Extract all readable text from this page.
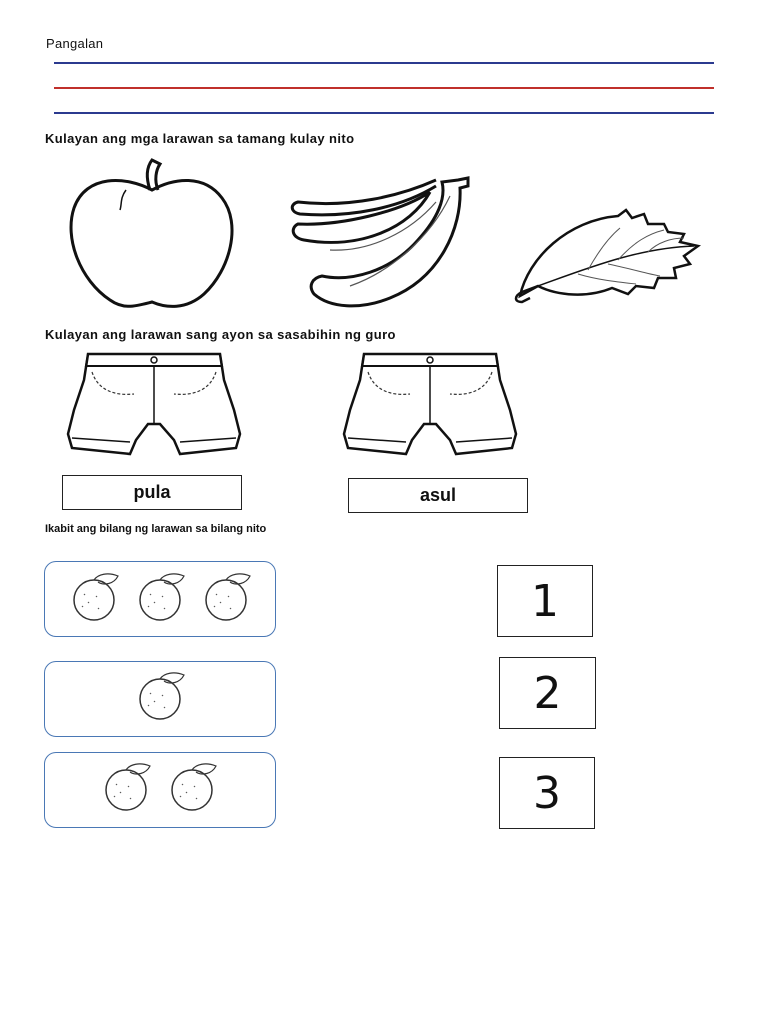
Pangalan
Kulayan ang mga larawan sa tamang kulay nito
Kulayan ang larawan sang ayon sa sasabihin ng guro
pula	asul
Ikabit ang bilang ng larawan sa bilang nito
1
2
3
